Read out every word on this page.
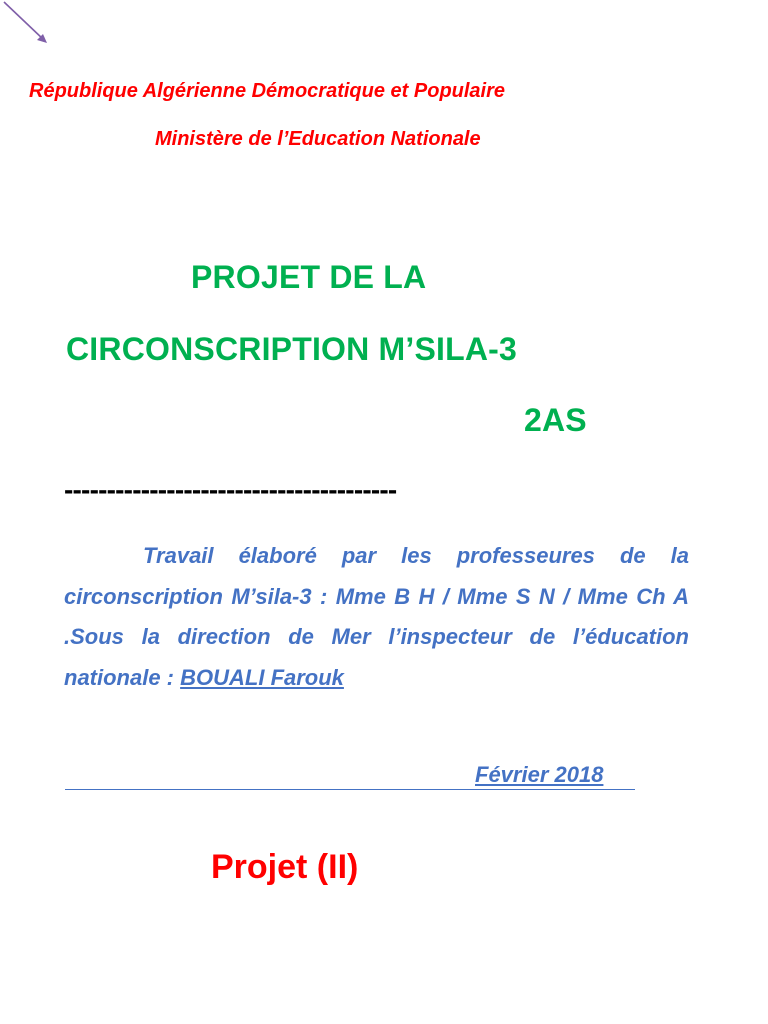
République Algérienne Démocratique et Populaire
Ministère de l’Education Nationale
PROJET DE LA
CIRCONSCRIPTION M’SILA-3
2AS
---------------------------------------
Travail élaboré par les professeures de la circonscription M’sila-3 : Mme B H / Mme S N / Mme Ch A .Sous la direction de Mer l’inspecteur de l’éducation nationale : BOUALI Farouk
Février 2018
Projet (II)
